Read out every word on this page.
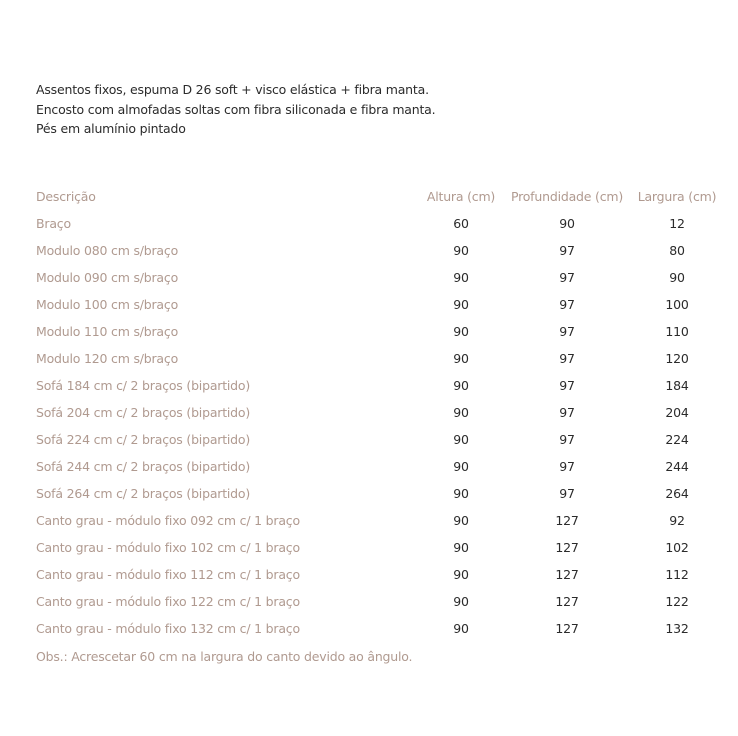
Assentos fixos, espuma D 26 soft + visco elástica + fibra manta.
Encosto com almofadas soltas com fibra siliconada e fibra manta.
Pés em alumínio pintado
Descrição	Altura (cm)	Profundidade (cm)	Largura (cm)
Braço	60	90	12
Modulo 080 cm s/braço	90	97	80
Modulo 090 cm s/braço	90	97	90
Modulo 100 cm s/braço	90	97	100
Modulo 110 cm s/braço	90	97	110
Modulo 120 cm s/braço	90	97	120
Sofá 184 cm c/ 2 braços (bipartido)	90	97	184
Sofá 204 cm c/ 2 braços (bipartido)	90	97	204
Sofá 224 cm c/ 2 braços (bipartido)	90	97	224
Sofá 244 cm c/ 2 braços (bipartido)	90	97	244
Sofá 264 cm c/ 2 braços (bipartido)	90	97	264
Canto grau - módulo fixo 092 cm c/ 1 braço	90	127	92
Canto grau - módulo fixo 102 cm c/ 1 braço	90	127	102
Canto grau - módulo fixo 112 cm c/ 1 braço	90	127	112
Canto grau - módulo fixo 122 cm c/ 1 braço	90	127	122
Canto grau - módulo fixo 132 cm c/ 1 braço	90	127	132
Obs.: Acrescetar 60 cm na largura do canto devido ao ângulo.
